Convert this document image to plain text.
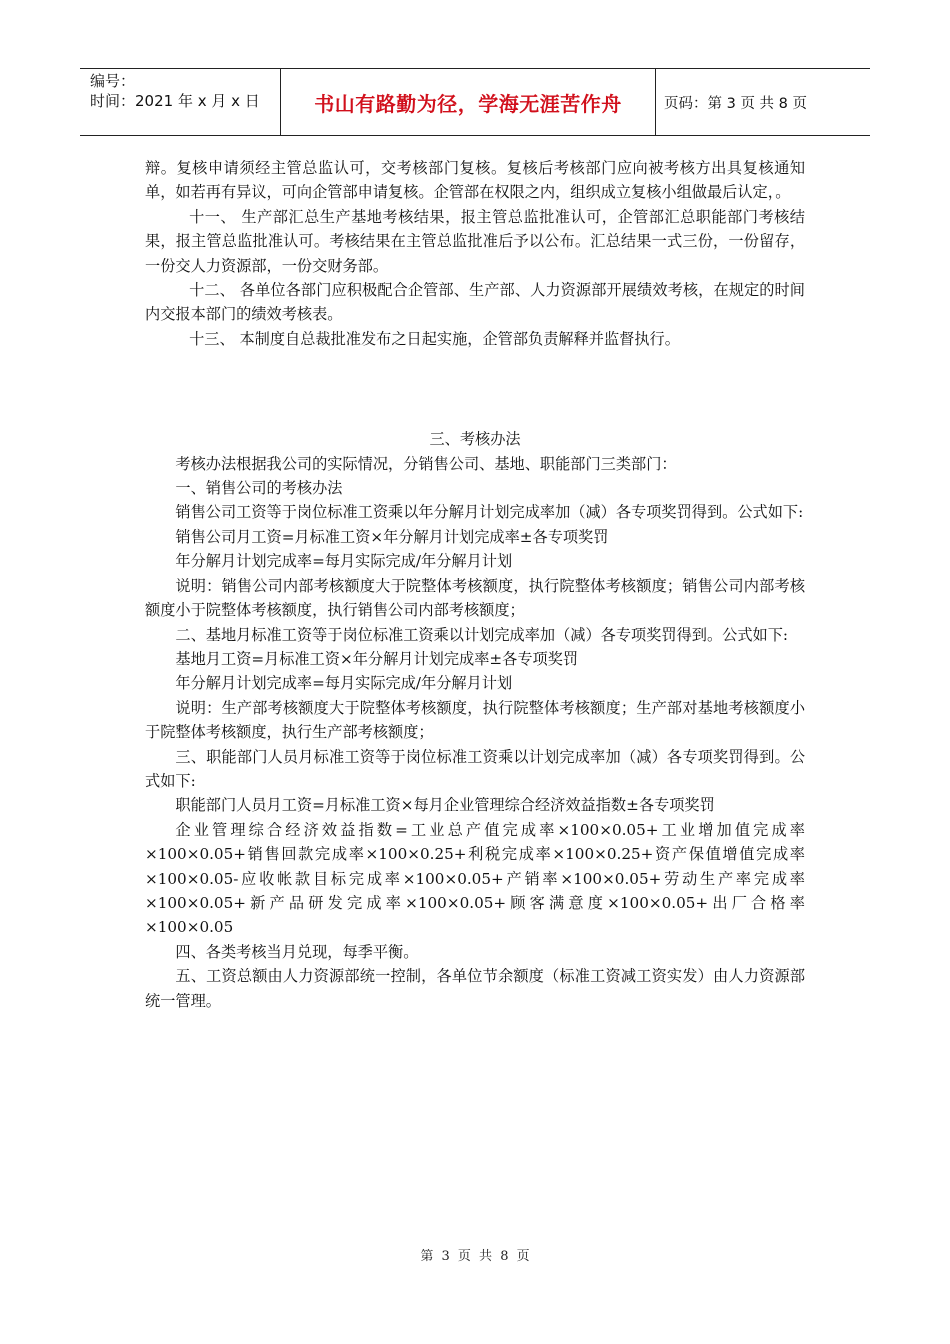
编号：
时间：2021 年 x 月 x 日	书山有路勤为径，学海无涯苦作舟	页码：第 3 页 共 8 页

辩。复核申请须经主管总监认可，交考核部门复核。复核后考核部门应向被考核方出具复核通知单，如若再有异议，可向企管部申请复核。企管部在权限之内，组织成立复核小组做最后认定，。

十一、 生产部汇总生产基地考核结果，报主管总监批准认可，企管部汇总职能部门考核结果，报主管总监批准认可。考核结果在主管总监批准后予以公布。汇总结果一式三份，一份留存，一份交人力资源部，一份交财务部。

十二、 各单位各部门应积极配合企管部、生产部、人力资源部开展绩效考核，在规定的时间内交报本部门的绩效考核表。

十三、 本制度自总裁批准发布之日起实施，企管部负责解释并监督执行。

三、考核办法

考核办法根据我公司的实际情况，分销售公司、基地、职能部门三类部门：

一、销售公司的考核办法

销售公司工资等于岗位标准工资乘以年分解月计划完成率加（减）各专项奖罚得到。公式如下:

销售公司月工资=月标准工资×年分解月计划完成率±各专项奖罚

年分解月计划完成率=每月实际完成/年分解月计划

说明：销售公司内部考核额度大于院整体考核额度，执行院整体考核额度；销售公司内部考核额度小于院整体考核额度，执行销售公司内部考核额度；

二、基地月标准工资等于岗位标准工资乘以计划完成率加（减）各专项奖罚得到。公式如下:

基地月工资=月标准工资×年分解月计划完成率±各专项奖罚

年分解月计划完成率=每月实际完成/年分解月计划

说明：生产部考核额度大于院整体考核额度，执行院整体考核额度；生产部对基地考核额度小于院整体考核额度，执行生产部考核额度；

三、职能部门人员月标准工资等于岗位标准工资乘以计划完成率加（减）各专项奖罚得到。公式如下:

职能部门人员月工资=月标准工资×每月企业管理综合经济效益指数±各专项奖罚

企业管理综合经济效益指数=工业总产值完成率×100×0.05+工业增加值完成率×100×0.05+销售回款完成率×100×0.25+利税完成率×100×0.25+资产保值增值完成率×100×0.05-应收帐款目标完成率×100×0.05+产销率×100×0.05+劳动生产率完成率×100×0.05+新产品研发完成率×100×0.05+顾客满意度×100×0.05+出厂合格率×100×0.05

四、各类考核当月兑现，每季平衡。

五、工资总额由人力资源部统一控制，各单位节余额度（标准工资减工资实发）由人力资源部统一管理。

第 3 页 共 8 页
